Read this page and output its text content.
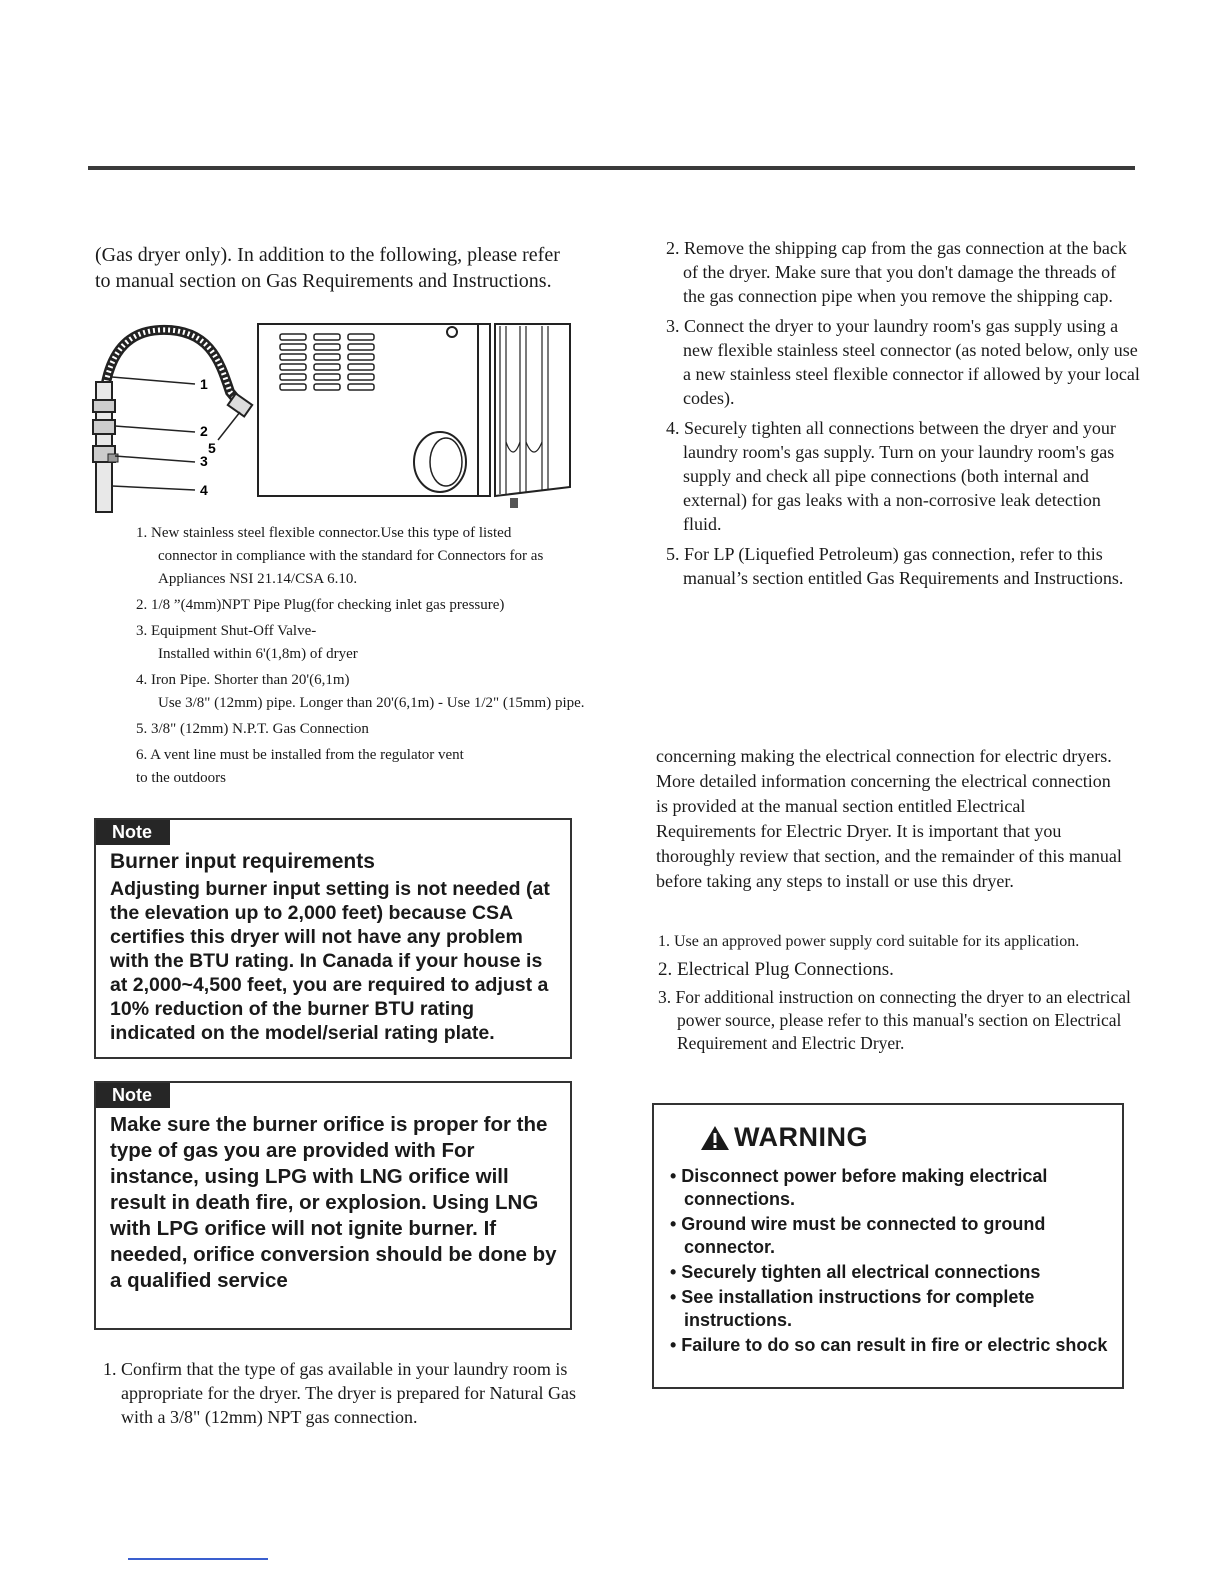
(Gas dryer only). In addition to the following, please refer to manual section on Gas Requirements and Instructions.
1
2
3
4
5
1. New stainless steel flexible connector.Use this type of listed
connector in compliance with the standard for Connectors for as
Appliances NSI 21.14/CSA 6.10.
2. 1/8 ”(4mm)NPT Pipe Plug(for checking inlet gas pressure)
3. Equipment Shut-Off Valve-
Installed within 6'(1,8m) of dryer
4. Iron Pipe. Shorter than 20'(6,1m)
Use 3/8" (12mm) pipe. Longer than 20'(6,1m) - Use 1/2" (15mm) pipe.
5. 3/8" (12mm) N.P.T. Gas Connection
6. A vent line must be installed from the regulator vent
to the outdoors
Note
Burner input requirements
Adjusting burner input setting is not needed (at the elevation up to 2,000 feet) because CSA certifies this dryer will not have any problem with the BTU rating. In Canada if your house is at 2,000~4,500 feet, you are required to adjust a 10% reduction of the burner BTU rating indicated on the model/serial rating plate.
Note
Make sure the burner orifice is proper for the type of gas you are provided with For instance, using LPG with LNG orifice will result in death fire, or explosion. Using LNG with LPG orifice will not ignite burner. If needed, orifice conversion should be done by a qualified service
1. Confirm that the type of gas available in your laundry room is appropriate for the dryer. The dryer is prepared for Natural Gas with a 3/8" (12mm) NPT gas connection.
2. Remove the shipping cap from the gas connection at the back of the dryer. Make sure that you don't damage the threads of the gas connection pipe when you remove the shipping cap.
3. Connect the dryer to your laundry room's gas supply using a new flexible stainless steel connector (as noted below, only use a new stainless steel flexible connector if allowed by your local codes).
4. Securely tighten all connections between the dryer and your laundry room's gas supply. Turn on your laundry room's gas supply and check all pipe connections (both internal and external) for gas leaks with a non-corrosive leak detection fluid.
5. For LP (Liquefied Petroleum) gas connection, refer to this manual’s section entitled Gas Requirements and Instructions.
concerning making the electrical connection for electric dryers. More detailed information concerning the electrical connection is provided at the manual section entitled Electrical Requirements for Electric Dryer. It is important that you thoroughly review that section, and the remainder of this manual before taking any steps to install or use this dryer.
1. Use an approved power supply cord suitable for its application.
2. Electrical Plug Connections.
3. For additional instruction on connecting the dryer to an electrical power source, please refer to this manual's section on Electrical Requirement and Electric Dryer.
WARNING
• Disconnect power before making electrical connections.
• Ground wire must be connected to ground connector.
• Securely tighten all electrical connections
• See installation instructions for complete instructions.
• Failure to do so can result in fire or electric shock
